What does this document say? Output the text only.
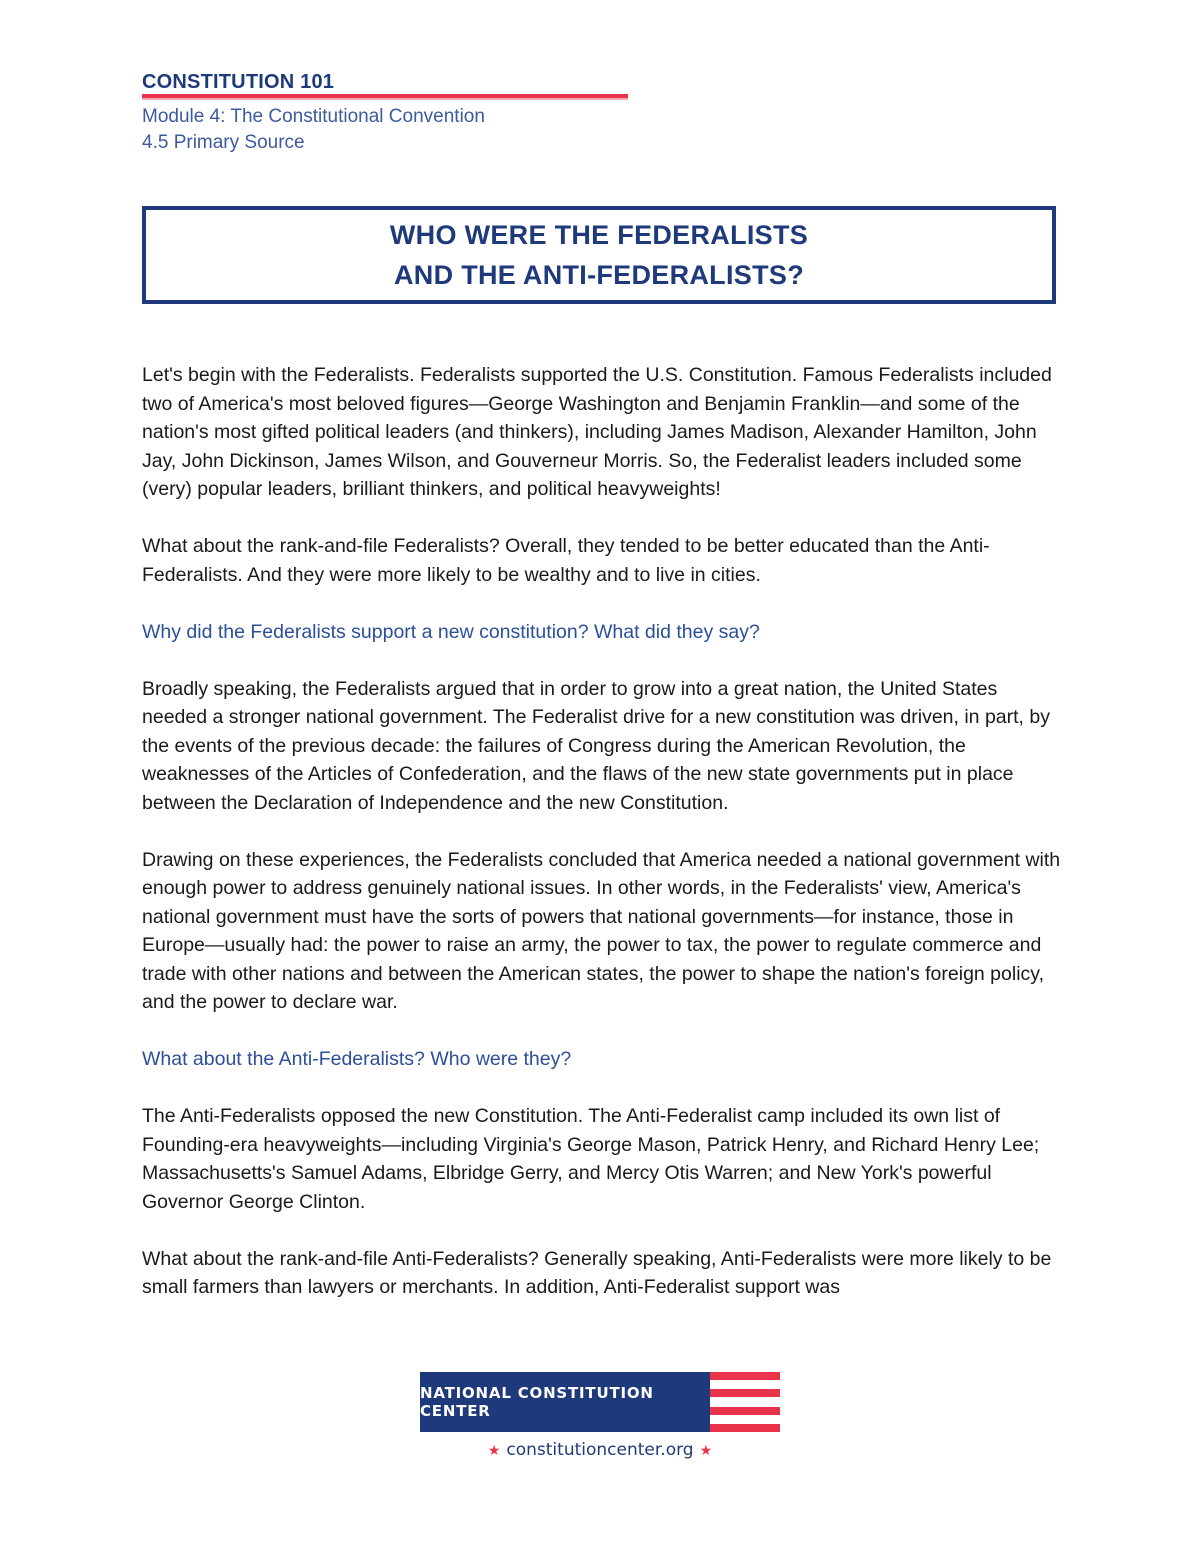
CONSTITUTION 101
Module 4: The Constitutional Convention
4.5 Primary Source
WHO WERE THE FEDERALISTS
AND THE ANTI-FEDERALISTS?

Let's begin with the Federalists. Federalists supported the U.S. Constitution. Famous Federalists included two of America's most beloved figures—George Washington and Benjamin Franklin—and some of the nation's most gifted political leaders (and thinkers), including James Madison, Alexander Hamilton, John Jay, John Dickinson, James Wilson, and Gouverneur Morris. So, the Federalist leaders included some (very) popular leaders, brilliant thinkers, and political heavyweights!

What about the rank-and-file Federalists? Overall, they tended to be better educated than the Anti-Federalists. And they were more likely to be wealthy and to live in cities.

Why did the Federalists support a new constitution? What did they say?

Broadly speaking, the Federalists argued that in order to grow into a great nation, the United States needed a stronger national government. The Federalist drive for a new constitution was driven, in part, by the events of the previous decade: the failures of Congress during the American Revolution, the weaknesses of the Articles of Confederation, and the flaws of the new state governments put in place between the Declaration of Independence and the new Constitution.

Drawing on these experiences, the Federalists concluded that America needed a national government with enough power to address genuinely national issues. In other words, in the Federalists' view, America's national government must have the sorts of powers that national governments—for instance, those in Europe—usually had: the power to raise an army, the power to tax, the power to regulate commerce and trade with other nations and between the American states, the power to shape the nation's foreign policy, and the power to declare war.

What about the Anti-Federalists? Who were they?

The Anti-Federalists opposed the new Constitution. The Anti-Federalist camp included its own list of Founding-era heavyweights—including Virginia's George Mason, Patrick Henry, and Richard Henry Lee; Massachusetts's Samuel Adams, Elbridge Gerry, and Mercy Otis Warren; and New York's powerful Governor George Clinton.

What about the rank-and-file Anti-Federalists? Generally speaking, Anti-Federalists were more likely to be small farmers than lawyers or merchants. In addition, Anti-Federalist support was

NATIONAL CONSTITUTION CENTER
★ constitutioncenter.org ★
